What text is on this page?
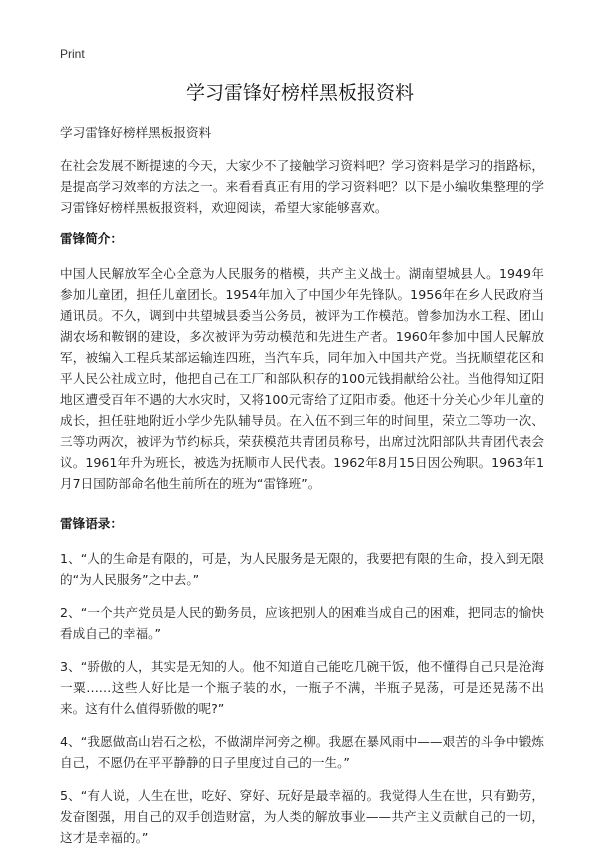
Print
学习雷锋好榜样黑板报资料

学习雷锋好榜样黑板报资料

在社会发展不断提速的今天，大家少不了接触学习资料吧？学习资料是学习的指路标，是提高学习效率的方法之一。来看看真正有用的学习资料吧？以下是小编收集整理的学习雷锋好榜样黑板报资料，欢迎阅读，希望大家能够喜欢。

雷锋简介：

中国人民解放军全心全意为人民服务的楷模，共产主义战士。湖南望城县人。1949年参加儿童团，担任儿童团长。1954年加入了中国少年先锋队。1956年在乡人民政府当通讯员。不久，调到中共望城县委当公务员，被评为工作模范。曾参加沩水工程、团山湖农场和鞍钢的建设，多次被评为劳动模范和先进生产者。1960年参加中国人民解放军，被编入工程兵某部运输连四班，当汽车兵，同年加入中国共产党。当抚顺望花区和平人民公社成立时，他把自己在工厂和部队积存的100元钱捐献给公社。当他得知辽阳地区遭受百年不遇的大水灾时，又将100元寄给了辽阳市委。他还十分关心少年儿童的成长，担任驻地附近小学少先队辅导员。在入伍不到三年的时间里，荣立二等功一次、三等功两次，被评为节约标兵，荣获模范共青团员称号，出席过沈阳部队共青团代表会议。1961年升为班长，被选为抚顺市人民代表。1962年8月15日因公殉职。1963年1月7日国防部命名他生前所在的班为“雷锋班”。

雷锋语录：

1、“人的生命是有限的，可是，为人民服务是无限的，我要把有限的生命，投入到无限的“为人民服务”之中去。”

2、“一个共产党员是人民的勤务员，应该把别人的困难当成自己的困难，把同志的愉快看成自己的幸福。”

3、“骄傲的人，其实是无知的人。他不知道自己能吃几碗干饭，他不懂得自己只是沧海一粟……这些人好比是一个瓶子装的水，一瓶子不满，半瓶子晃荡，可是还晃荡不出来。这有什么值得骄傲的呢?”

4、“我愿做高山岩石之松，不做湖岸河旁之柳。我愿在暴风雨中——艰苦的斗争中锻炼自己，不愿仍在平平静静的日子里度过自己的一生。”

5、“有人说，人生在世，吃好、穿好、玩好是最幸福的。我觉得人生在世，只有勤劳，发奋图强，用自己的双手创造财富，为人类的解放事业——共产主义贡献自己的一切，这才是幸福的。”
